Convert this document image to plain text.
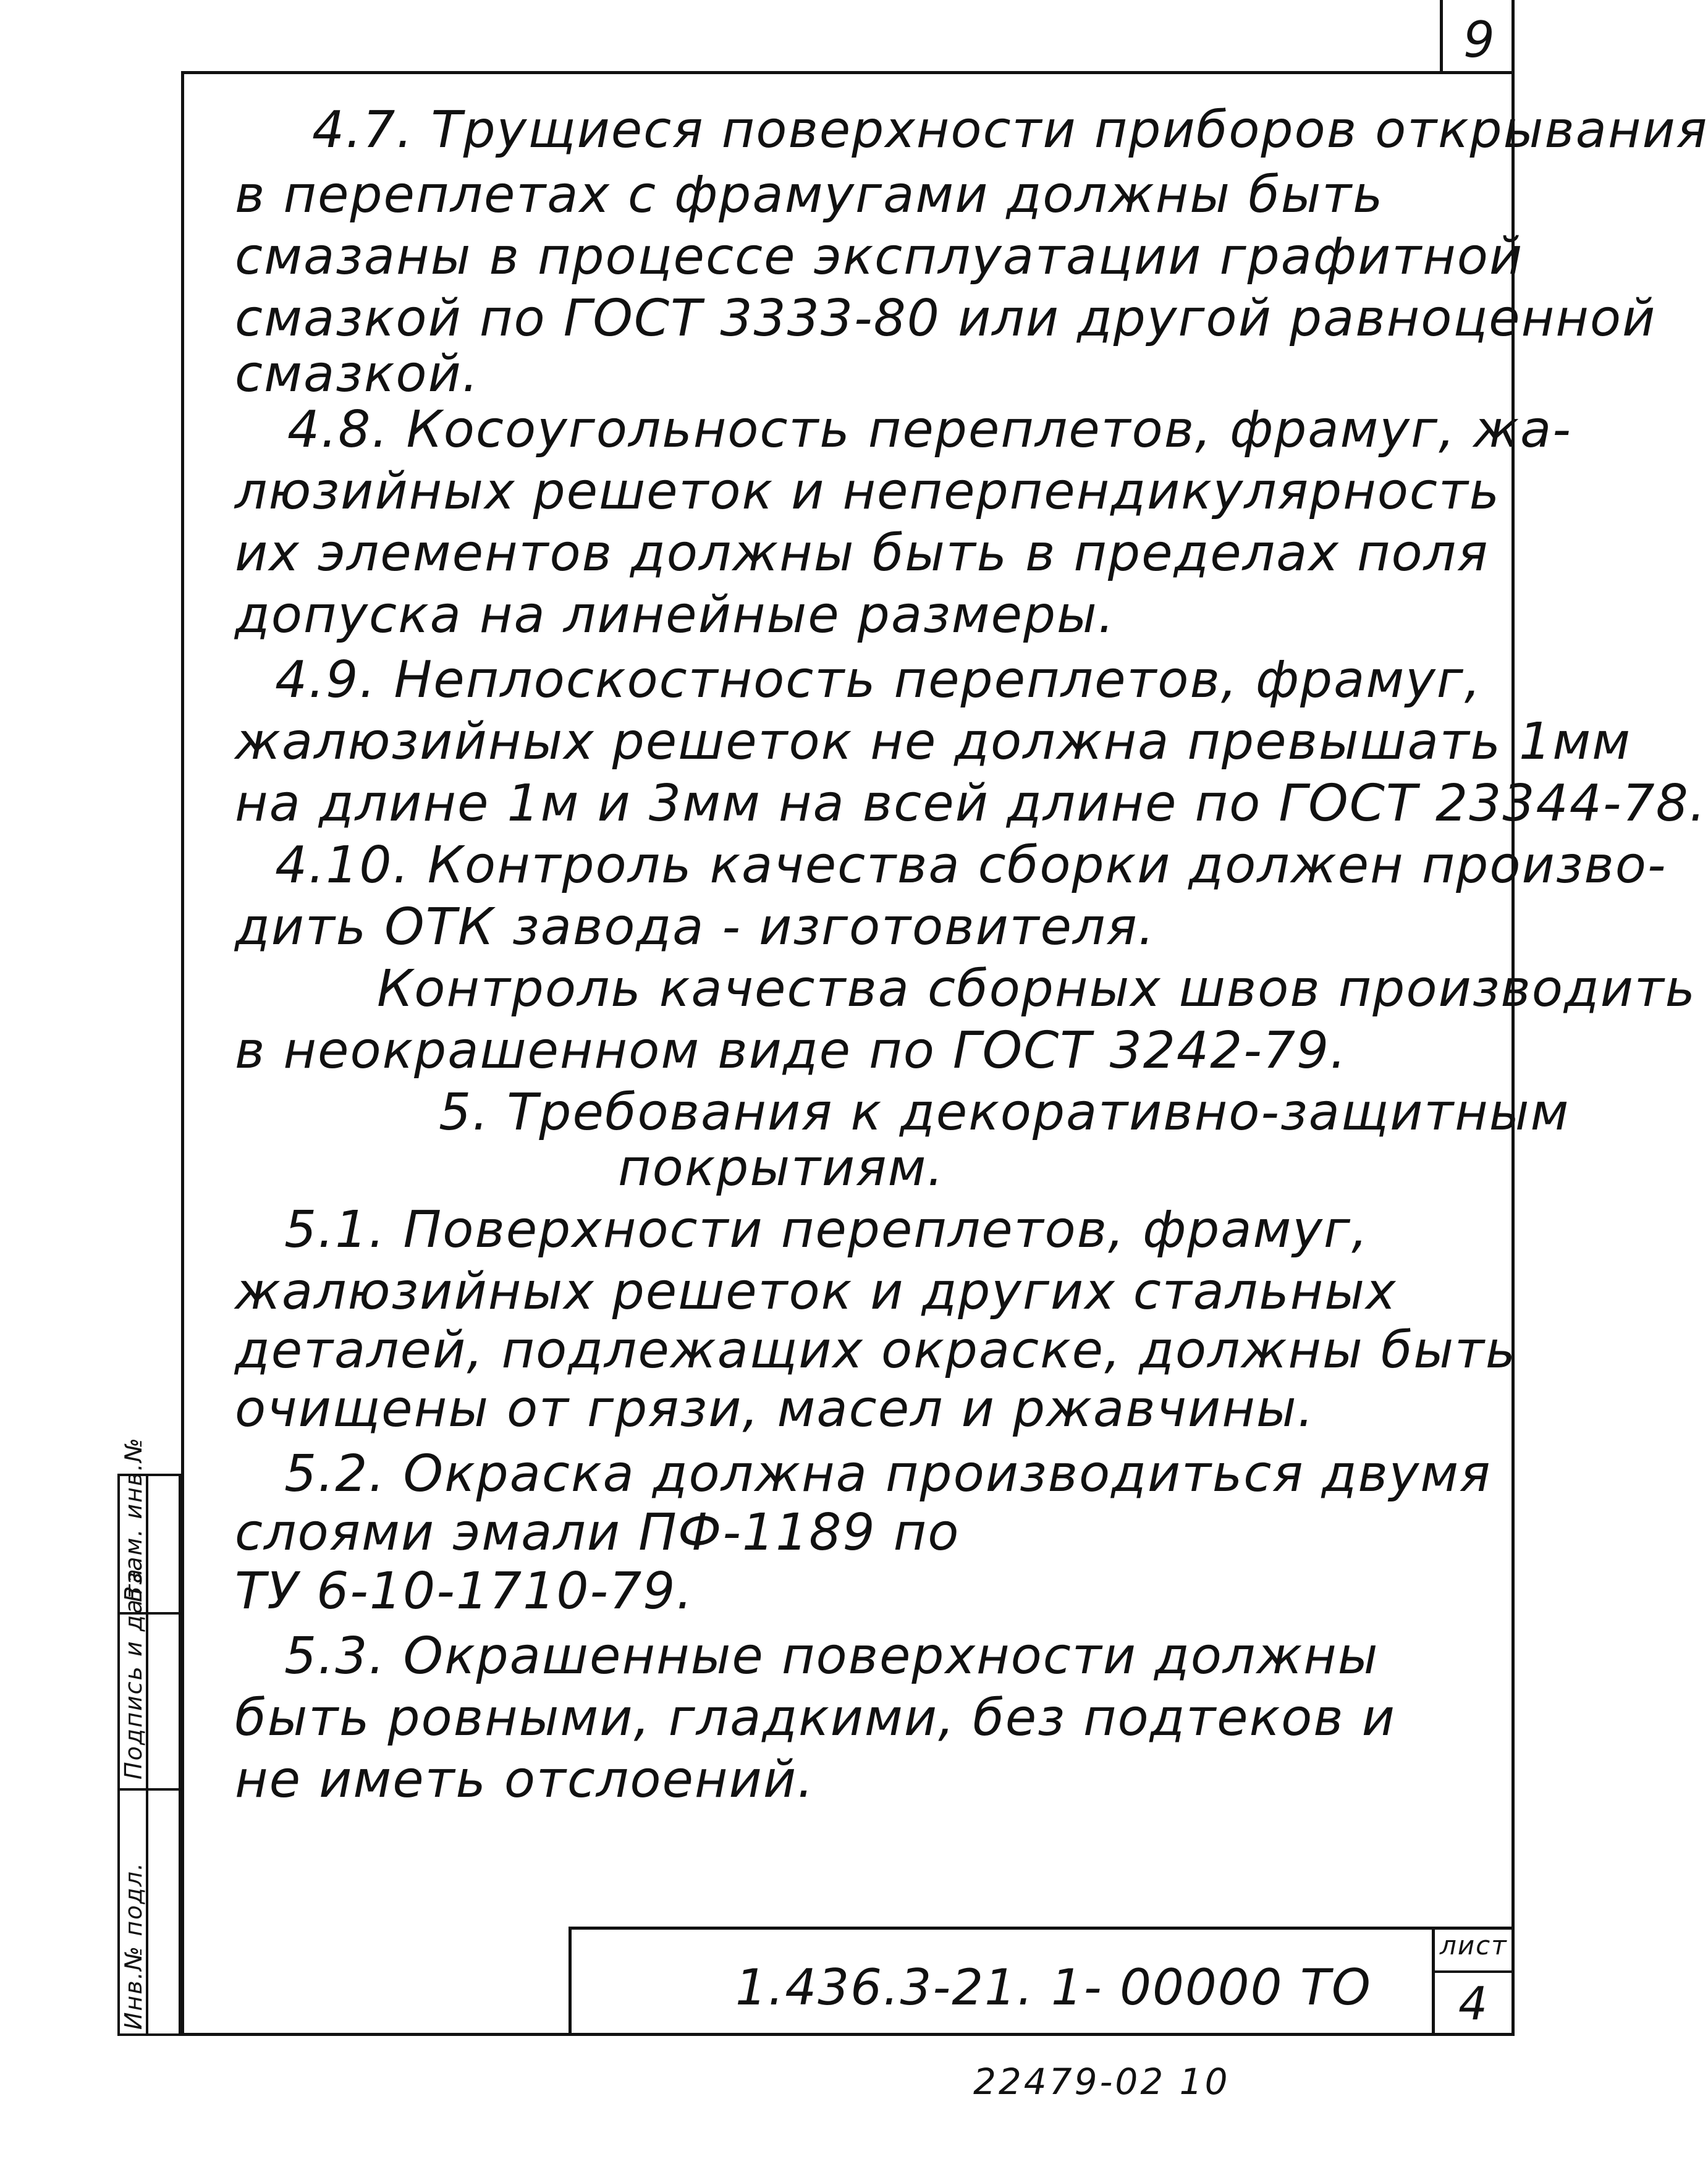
9
4.7. Трущиеся поверхности приборов открывания
в переплетах с фрамугами должны быть
смазаны в процессе эксплуатации графитной
смазкой по ГОСТ 3333-80 или другой равноценной
смазкой.
4.8. Косоугольность переплетов, фрамуг, жа-
люзийных решеток и неперпендикулярность
их элементов должны быть в пределах поля
допуска на линейные размеры.
4.9. Неплоскостность переплетов, фрамуг,
жалюзийных решеток не должна превышать 1мм
на длине 1м и 3мм на всей длине по ГОСТ 23344-78.
4.10. Контроль качества сборки должен произво-
дить ОТК завода - изготовителя.
Контроль качества сборных швов производить
в неокрашенном виде по ГОСТ 3242-79.
5. Требования к декоративно-защитным
покрытиям.
5.1. Поверхности переплетов, фрамуг,
жалюзийных решеток и других стальных
деталей, подлежащих окраске, должны быть
очищены от грязи, масел и ржавчины.
5.2. Окраска должна производиться двумя
слоями эмали ПФ-1189 по
ТУ 6-10-1710-79.
5.3. Окрашенные поверхности должны
быть ровными, гладкими, без подтеков и
не иметь отслоений.
Взам. инв.№
Подпись и дата
Инв.№ подл.	1.436.3-21. 1- 00000 ТО
лист
4
22479-02 10
